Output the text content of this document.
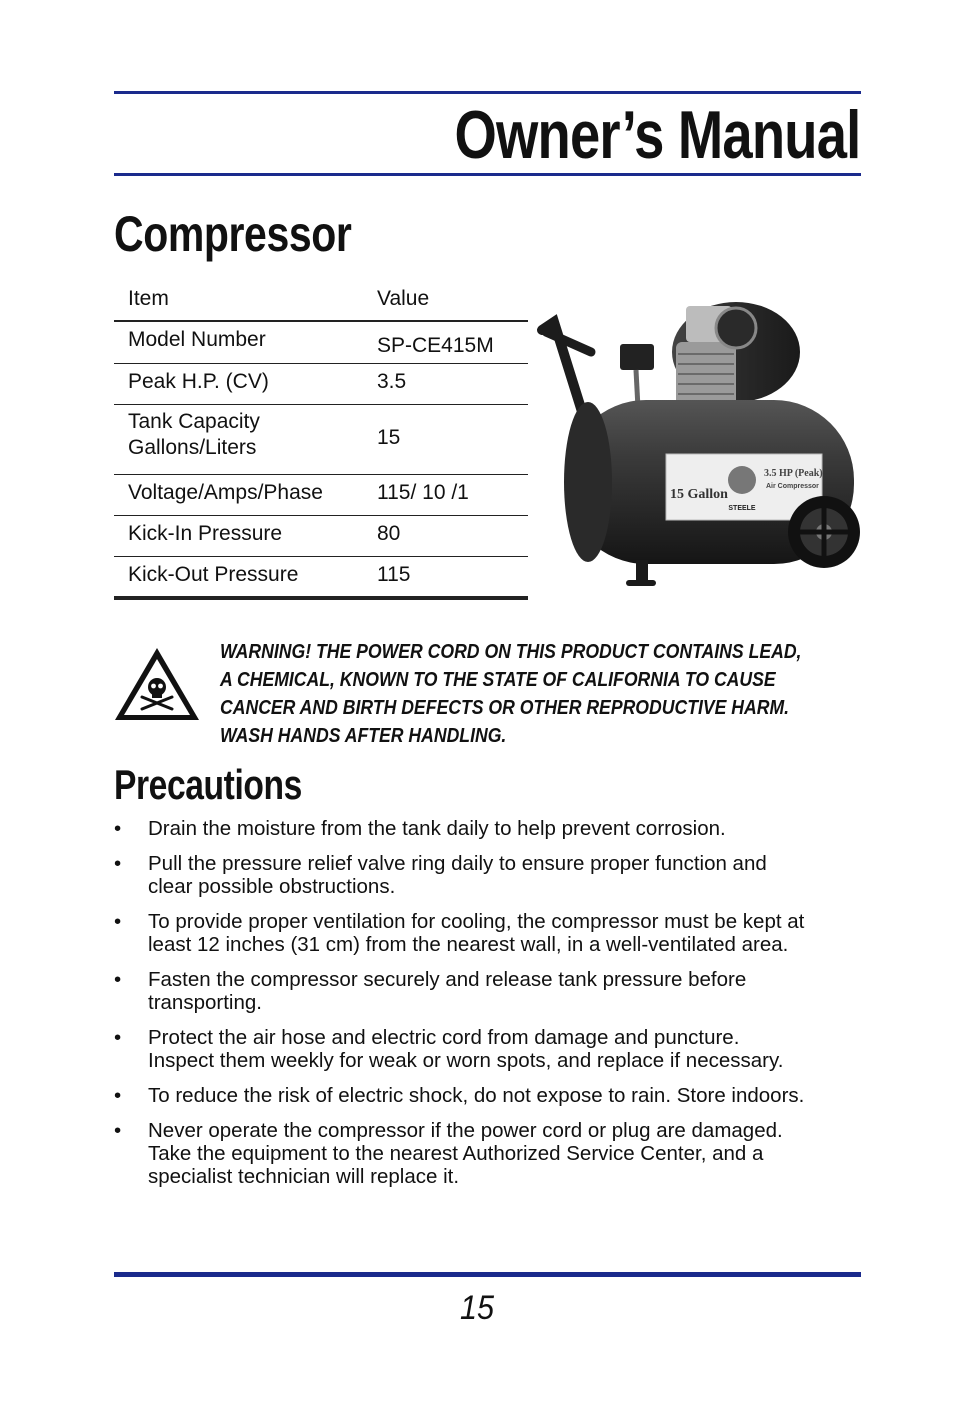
Owner’s Manual
Compressor
Item	Value
Model Number	SP-CE415M
Peak H.P. (CV)	3.5
Tank Capacity
Gallons/Liters	15
Voltage/Amps/Phase	115/ 10 /1
Kick-In Pressure	80
Kick-Out Pressure	115
15 Gallon
STEELE
3.5 HP (Peak)
Air Compressor
WARNING! THE POWER CORD ON THIS PRODUCT CONTAINS LEAD,
A CHEMICAL, KNOWN TO THE STATE OF CALIFORNIA TO CAUSE
CANCER AND BIRTH DEFECTS OR OTHER REPRODUCTIVE HARM.
WASH HANDS AFTER HANDLING.
Precautions
• Drain the moisture from the tank daily to help prevent corrosion.
• Pull the pressure relief valve ring daily to ensure proper function and
clear possible obstructions.
• To provide proper ventilation for cooling, the compressor must be kept at
least 12 inches (31 cm) from the nearest wall, in a well-ventilated area.
• Fasten the compressor securely and release tank pressure before
transporting.
• Protect the air hose and electric cord from damage and puncture.
Inspect them weekly for weak or worn spots, and replace if necessary.
• To reduce the risk of electric shock, do not expose to rain. Store indoors.
• Never operate the compressor if the power cord or plug are damaged.
Take the equipment to the nearest Authorized Service Center, and a
specialist technician will replace it.
15
